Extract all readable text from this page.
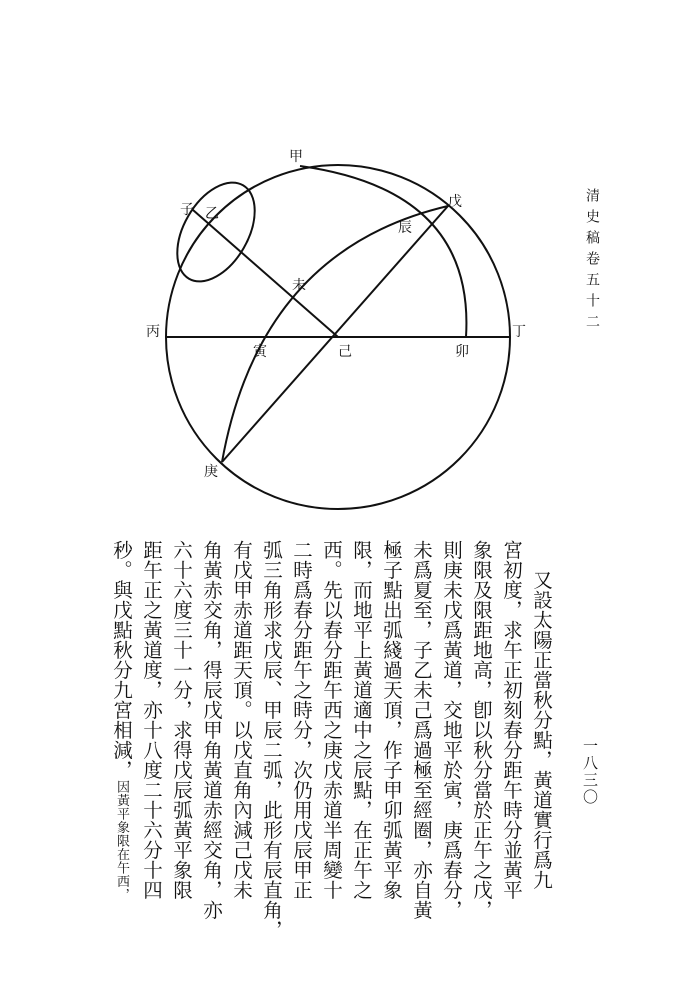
甲
戊
辰
子 乙
未
丙
寅	己	卯
丁
庚
清史稿卷五十二
一八三〇
又設太陽正當秋分點，黃道實行爲九
宮初度，求午正初刻春分距午時分並黃平
象限及限距地高，卽以秋分當於正午之戊，
則庚未戊爲黃道，交地平於寅，庚爲春分，
未爲夏至，子乙未己爲過極至經圈，亦自黃
極子點出弧綫過天頂，作子甲卯弧黃平象
限，而地平上黃道適中之辰點，在正午之
西。先以春分距午西之庚戊赤道半周變十
二時爲春分距午之時分，次仍用戊辰甲正
弧三角形求戊辰、甲辰二弧，此形有辰直角，
有戊甲赤道距天頂。以戊直角內減己戊未
角黃赤交角，得辰戊甲角黃道赤經交角，亦
六十六度三十一分，求得戊辰弧黃平象限
距午正之黃道度，亦十八度二十六分十四
秒。與戊點秋分九宮相減，因黃平象限在午西，
